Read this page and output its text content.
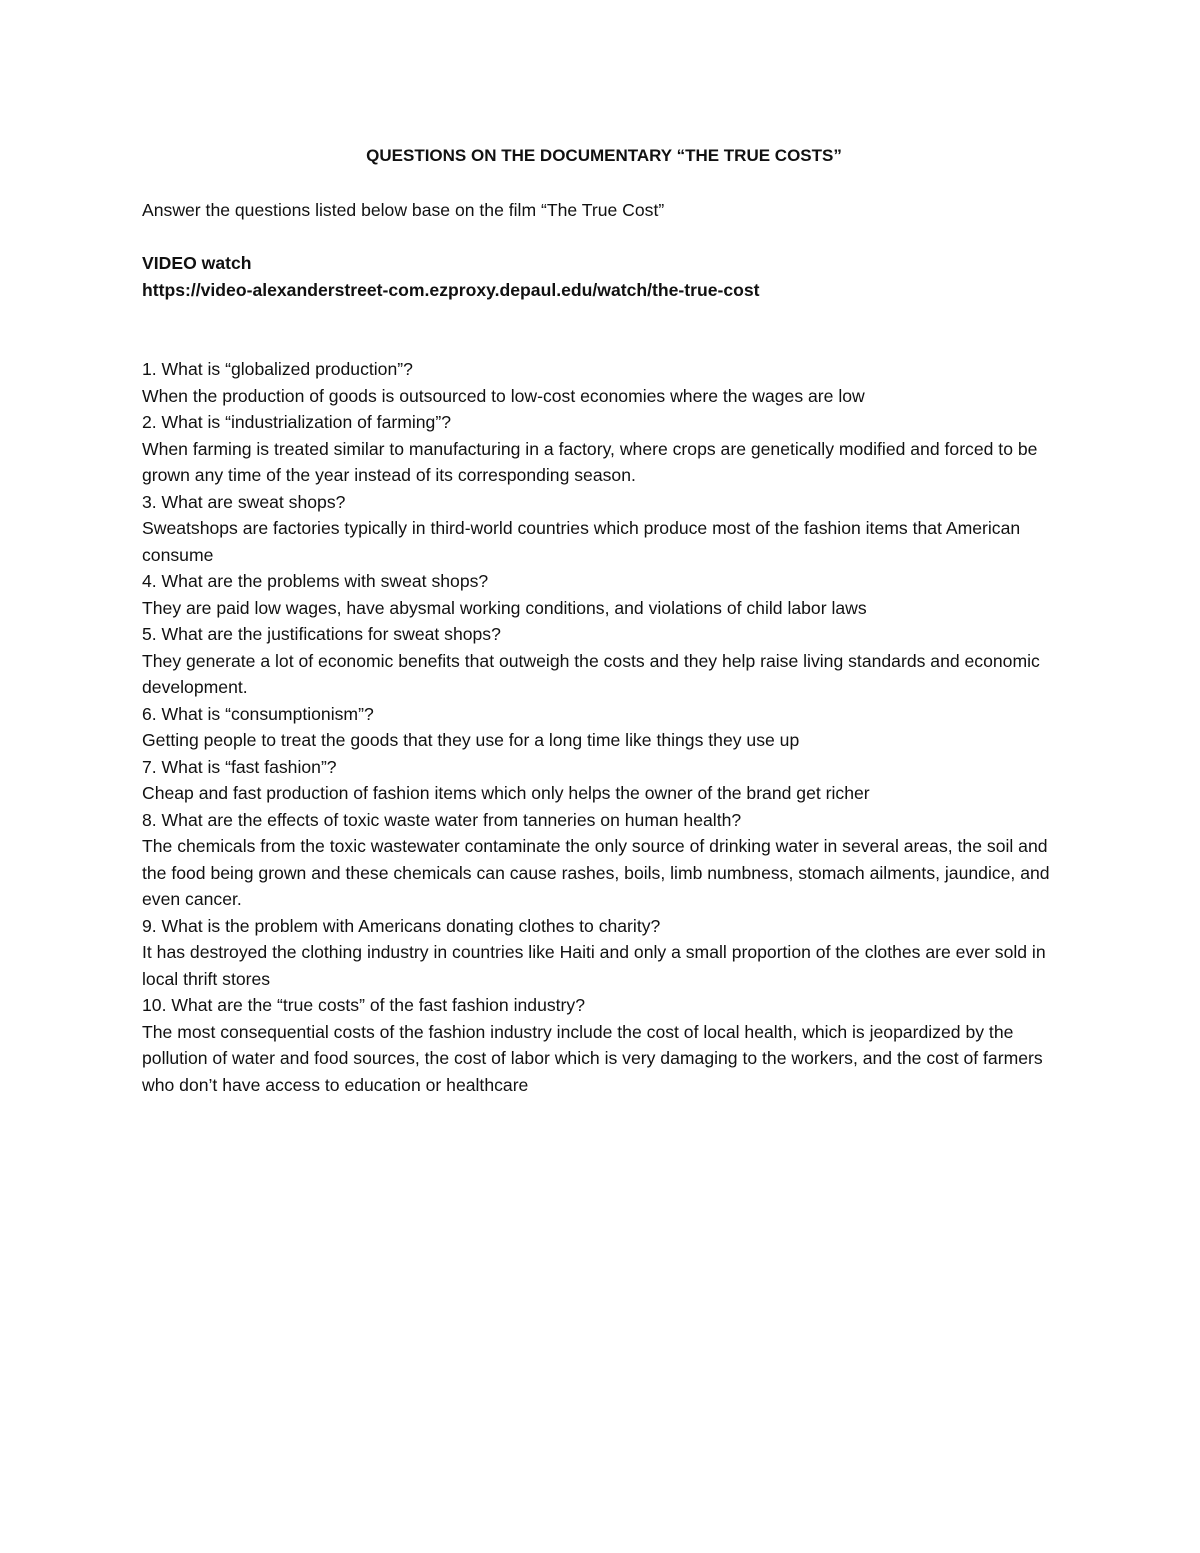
QUESTIONS ON THE DOCUMENTARY “THE TRUE COSTS”
Answer the questions listed below base on the film “The True Cost”
VIDEO watch
https://video-alexanderstreet-com.ezproxy.depaul.edu/watch/the-true-cost
1. What is “globalized production”?
When the production of goods is outsourced to low-cost economies where the wages are low
2. What is “industrialization of farming”?
When farming is treated similar to manufacturing in a factory, where crops are genetically modified and forced to be grown any time of the year instead of its corresponding season.
3. What are sweat shops?
Sweatshops are factories typically in third-world countries which produce most of the fashion items that American consume
4. What are the problems with sweat shops?
They are paid low wages, have abysmal working conditions, and violations of child labor laws
5. What are the justifications for sweat shops?
They generate a lot of economic benefits that outweigh the costs and they help raise living standards and economic development.
6. What is “consumptionism”?
Getting people to treat the goods that they use for a long time like things they use up
7. What is “fast fashion”?
Cheap and fast production of fashion items which only helps the owner of the brand get richer
8. What are the effects of toxic waste water from tanneries on human health?
The chemicals from the toxic wastewater contaminate the only source of drinking water in several areas, the soil and the food being grown and these chemicals can cause rashes, boils, limb numbness, stomach ailments, jaundice, and even cancer.
9. What is the problem with Americans donating clothes to charity?
It has destroyed the clothing industry in countries like Haiti and only a small proportion of the clothes are ever sold in local thrift stores
10. What are the “true costs” of the fast fashion industry?
The most consequential costs of the fashion industry include the cost of local health, which is jeopardized by the pollution of water and food sources, the cost of labor which is very damaging to the workers, and the cost of farmers who don’t have access to education or healthcare
